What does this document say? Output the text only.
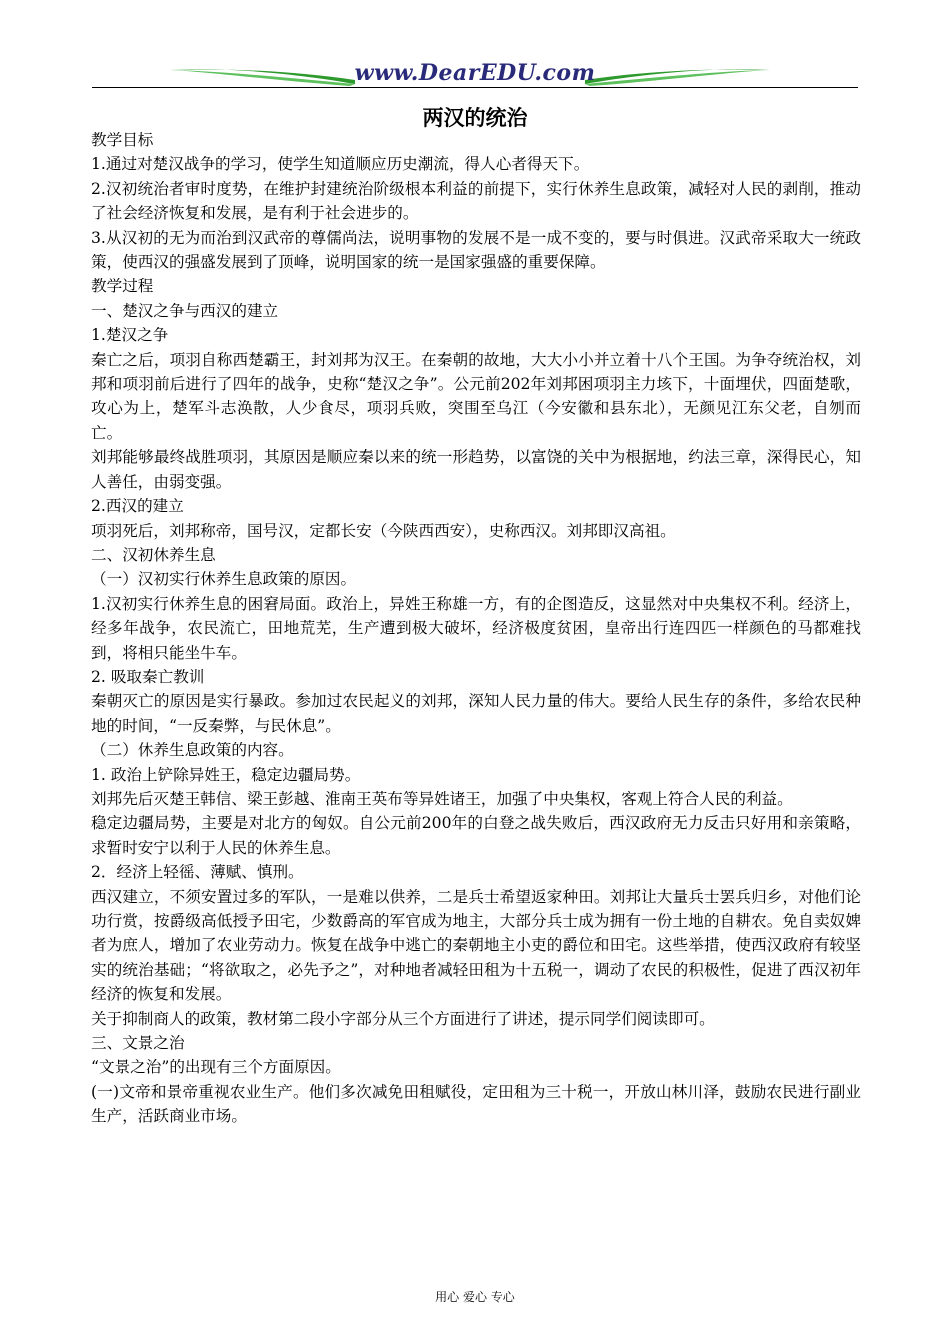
www.DearEDU.com
两汉的统治

教学目标

1.通过对楚汉战争的学习，使学生知道顺应历史潮流，得人心者得天下。

2.汉初统治者审时度势，在维护封建统治阶级根本利益的前提下，实行休养生息政策，减轻对人民的剥削，推动了社会经济恢复和发展，是有利于社会进步的。

3.从汉初的无为而治到汉武帝的尊儒尚法，说明事物的发展不是一成不变的，要与时俱进。汉武帝采取大一统政策，使西汉的强盛发展到了顶峰，说明国家的统一是国家强盛的重要保障。

教学过程

一、楚汉之争与西汉的建立

1.楚汉之争

秦亡之后，项羽自称西楚霸王，封刘邦为汉王。在秦朝的故地，大大小小并立着十八个王国。为争夺统治权，刘邦和项羽前后进行了四年的战争，史称“楚汉之争”。公元前202年刘邦困项羽主力垓下，十面埋伏，四面楚歌，攻心为上，楚军斗志涣散，人少食尽，项羽兵败，突围至乌江（今安徽和县东北），无颜见江东父老，自刎而亡。

刘邦能够最终战胜项羽，其原因是顺应秦以来的统一形趋势，以富饶的关中为根据地，约法三章，深得民心，知人善任，由弱变强。

2.西汉的建立

项羽死后，刘邦称帝，国号汉，定都长安（今陕西西安），史称西汉。刘邦即汉高祖。

二、汉初休养生息

（一）汉初实行休养生息政策的原因。

1.汉初实行休养生息的困窘局面。政治上，异姓王称雄一方，有的企图造反，这显然对中央集权不利。经济上，经多年战争，农民流亡，田地荒芜，生产遭到极大破坏，经济极度贫困，皇帝出行连四匹一样颜色的马都难找到，将相只能坐牛车。

2. 吸取秦亡教训

秦朝灭亡的原因是实行暴政。参加过农民起义的刘邦，深知人民力量的伟大。要给人民生存的条件，多给农民种地的时间，“一反秦弊，与民休息”。

（二）休养生息政策的内容。

1. 政治上铲除异姓王，稳定边疆局势。

刘邦先后灭楚王韩信、梁王彭越、淮南王英布等异姓诸王，加强了中央集权，客观上符合人民的利益。

稳定边疆局势，主要是对北方的匈奴。自公元前200年的白登之战失败后，西汉政府无力反击只好用和亲策略，求暂时安宁以利于人民的休养生息。

2．经济上轻徭、薄赋、慎刑。

西汉建立，不须安置过多的军队，一是难以供养，二是兵士希望返家种田。刘邦让大量兵士罢兵归乡，对他们论功行赏，按爵级高低授予田宅，少数爵高的军官成为地主，大部分兵士成为拥有一份土地的自耕农。免自卖奴婢者为庶人，增加了农业劳动力。恢复在战争中逃亡的秦朝地主小吏的爵位和田宅。这些举措，使西汉政府有较坚实的统治基础；“将欲取之，必先予之”，对种地者减轻田租为十五税一，调动了农民的积极性，促进了西汉初年经济的恢复和发展。

关于抑制商人的政策，教材第二段小字部分从三个方面进行了讲述，提示同学们阅读即可。

三、文景之治

“文景之治”的出现有三个方面原因。

(一)文帝和景帝重视农业生产。他们多次减免田租赋役，定田租为三十税一，开放山林川泽，鼓励农民进行副业生产，活跃商业市场。

用心 爱心 专心
